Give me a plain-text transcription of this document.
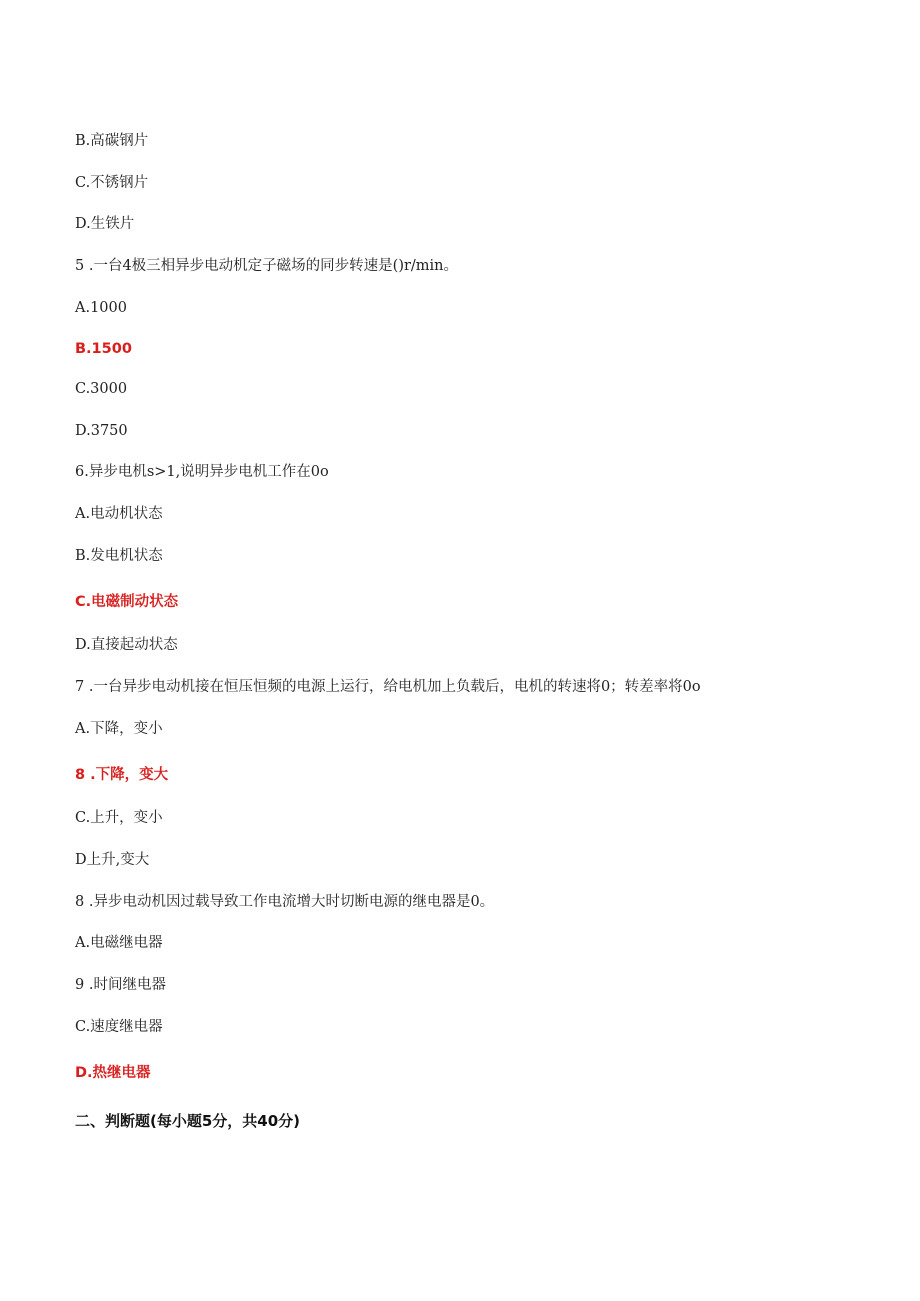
B.高碳钢片
C.不锈钢片
D.生铁片
5 .一台4极三相异步电动机定子磁场的同步转速是()r/min。
A.1000
B.1500
C.3000
D.3750
6.异步电机s>1,说明异步电机工作在0o
A.电动机状态
B.发电机状态
C.电磁制动状态
D.直接起动状态
7 .一台异步电动机接在恒压恒频的电源上运行，给电机加上负载后，电机的转速将0；转差率将0o
A.下降，变小
8 .下降，变大
C.上升，变小
D上升,变大
8 .异步电动机因过载导致工作电流增大时切断电源的继电器是0。
A.电磁继电器
9 .时间继电器
C.速度继电器
D.热继电器
二、判断题(每小题5分，共40分)
